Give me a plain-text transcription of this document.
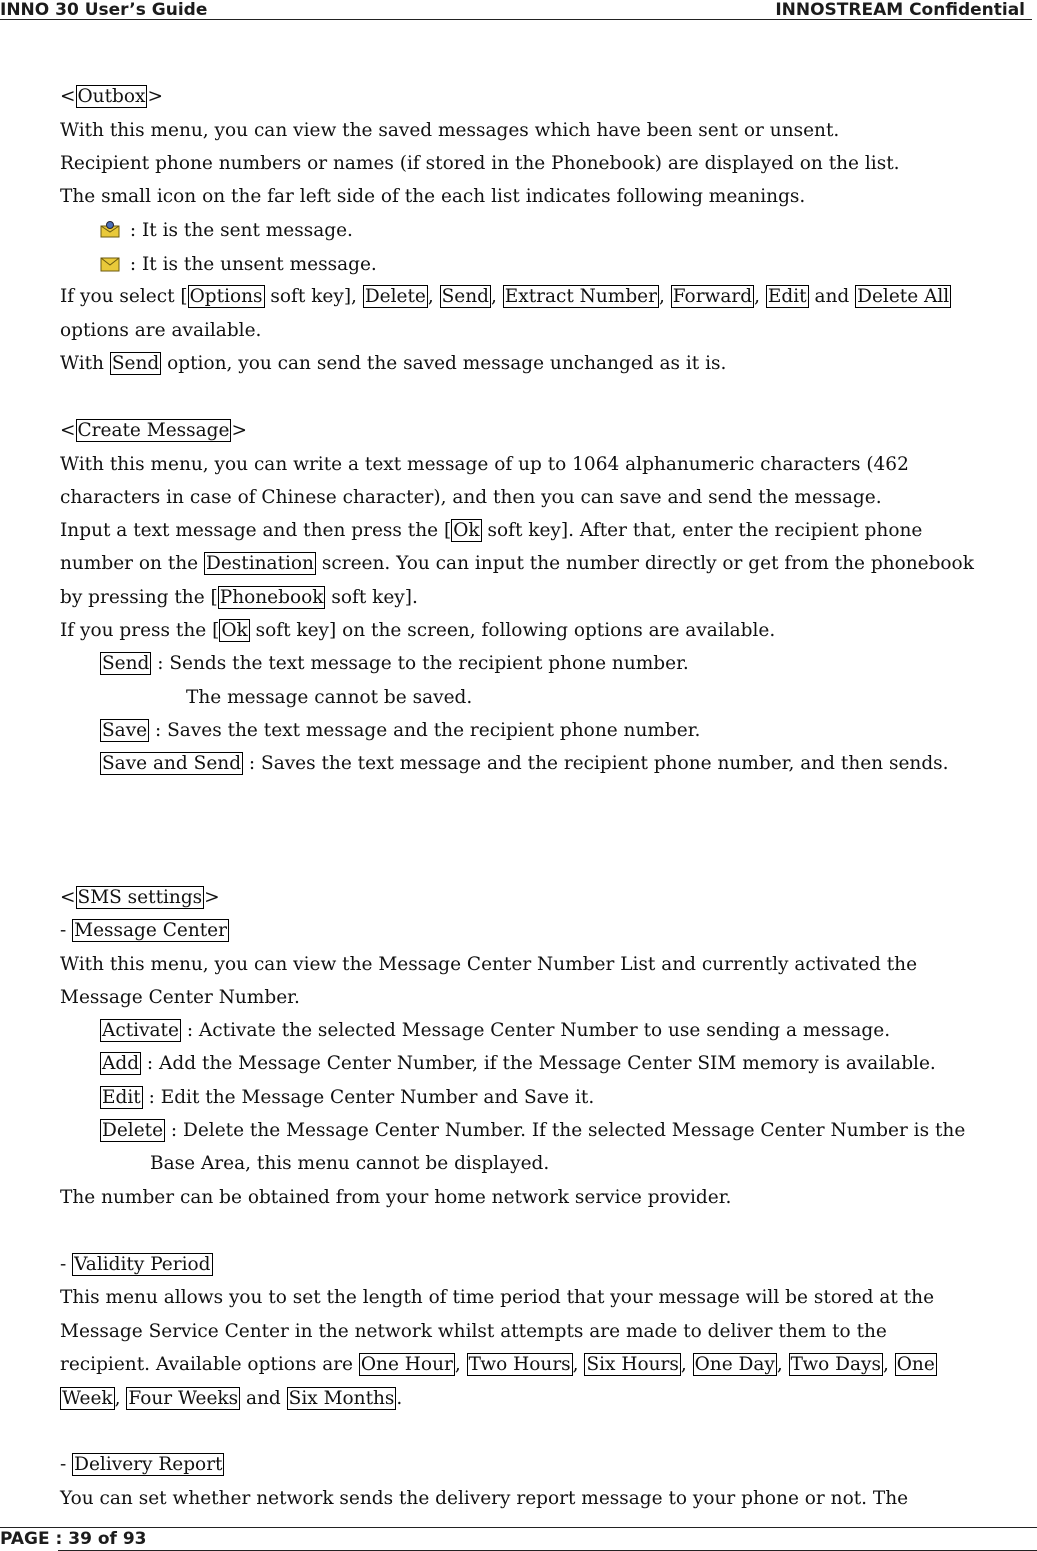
INNO 30 User’s Guide	INNOSTREAM Confidential
< Outbox >
With this menu, you can view the saved messages which have been sent or unsent.
Recipient phone numbers or names (if stored in the Phonebook) are displayed on the list.
The small icon on the far left side of the each list indicates following meanings.
: It is the sent message.
: It is the unsent message.
If you select [ Options soft key], Delete , Send , Extract Number , Forward , Edit and Delete All
options are available.
With Send option, you can send the saved message unchanged as it is.
< Create Message >
With this menu, you can write a text message of up to 1064 alphanumeric characters (462
characters in case of Chinese character), and then you can save and send the message.
Input a text message and then press the [ Ok soft key]. After that, enter the recipient phone
number on the Destination screen. You can input the number directly or get from the phonebook
by pressing the [ Phonebook soft key].
If you press the [ Ok soft key] on the screen, following options are available.
Send : Sends the text message to the recipient phone number.
The message cannot be saved.
Save : Saves the text message and the recipient phone number.
Save and Send : Saves the text message and the recipient phone number, and then sends.
< SMS settings >
- Message Center
With this menu, you can view the Message Center Number List and currently activated the
Message Center Number.
Activate : Activate the selected Message Center Number to use sending a message.
Add : Add the Message Center Number, if the Message Center SIM memory is available.
Edit : Edit the Message Center Number and Save it.
Delete : Delete the Message Center Number. If the selected Message Center Number is the
Base Area, this menu cannot be displayed.
The number can be obtained from your home network service provider.
- Validity Period
This menu allows you to set the length of time period that your message will be stored at the
Message Service Center in the network whilst attempts are made to deliver them to the
recipient. Available options are One Hour , Two Hours , Six Hours , One Day , Two Days , One
Week , Four Weeks and Six Months .
- Delivery Report
You can set whether network sends the delivery report message to your phone or not. The
PAGE : 39 of 93
